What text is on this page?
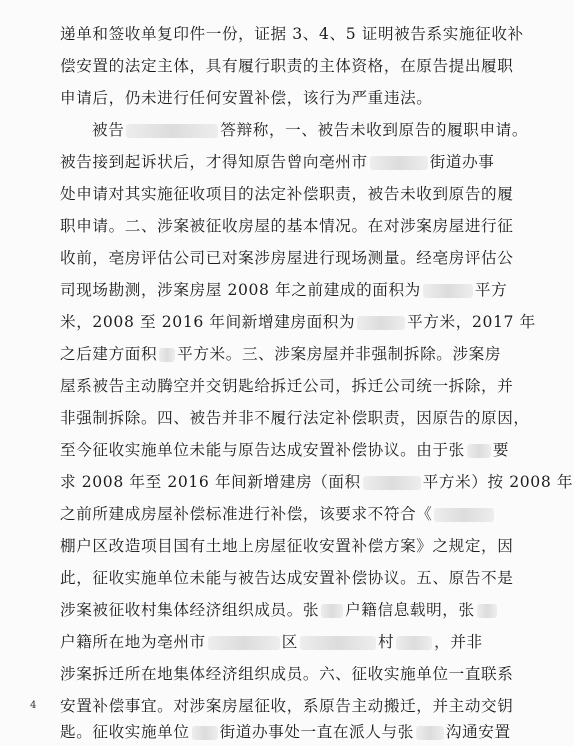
递单和签收单复印件一份，证据 3、4、5 证明被告系实施征收补
偿安置的法定主体，具有履行职责的主体资格，在原告提出履职
申请后，仍未进行任何安置补偿，该行为严重违法。
被告	答辩称，一、被告未收到原告的履职申请。
被告接到起诉状后，才得知原告曾向亳州市	街道办事
处申请对其实施征收项目的法定补偿职责，被告未收到原告的履
职申请。二、涉案被征收房屋的基本情况。在对涉案房屋进行征
收前，亳房评估公司已对案涉房屋进行现场测量。经亳房评估公
司现场勘测，涉案房屋 2008 年之前建成的面积为	平方
米，2008 至 2016 年间新增建房面积为	平方米，2017 年
之后建方面积 平方米。三、涉案房屋并非强制拆除。涉案房
屋系被告主动腾空并交钥匙给拆迁公司，拆迁公司统一拆除，并
非强制拆除。四、被告并非不履行法定补偿职责，因原告的原因，
至今征收实施单位未能与原告达成安置补偿协议。由于张 要
求 2008 年至 2016 年间新增建房（面积	平方米）按 2008 年
之前所建成房屋补偿标准进行补偿，该要求不符合《
棚户区改造项目国有土地上房屋征收安置补偿方案》之规定，因
此，征收实施单位未能与被告达成安置补偿协议。五、原告不是
涉案被征收村集体经济组织成员。张 户籍信息载明，张
户籍所在地为亳州市	区	村	，并非
涉案拆迁所在地集体经济组织成员。六、征收实施单位一直联系
安置补偿事宜。对涉案房屋征收，系原告主动搬迁，并主动交钥
匙。征收实施单位 街道办事处一直在派人与张 沟通安置
4
